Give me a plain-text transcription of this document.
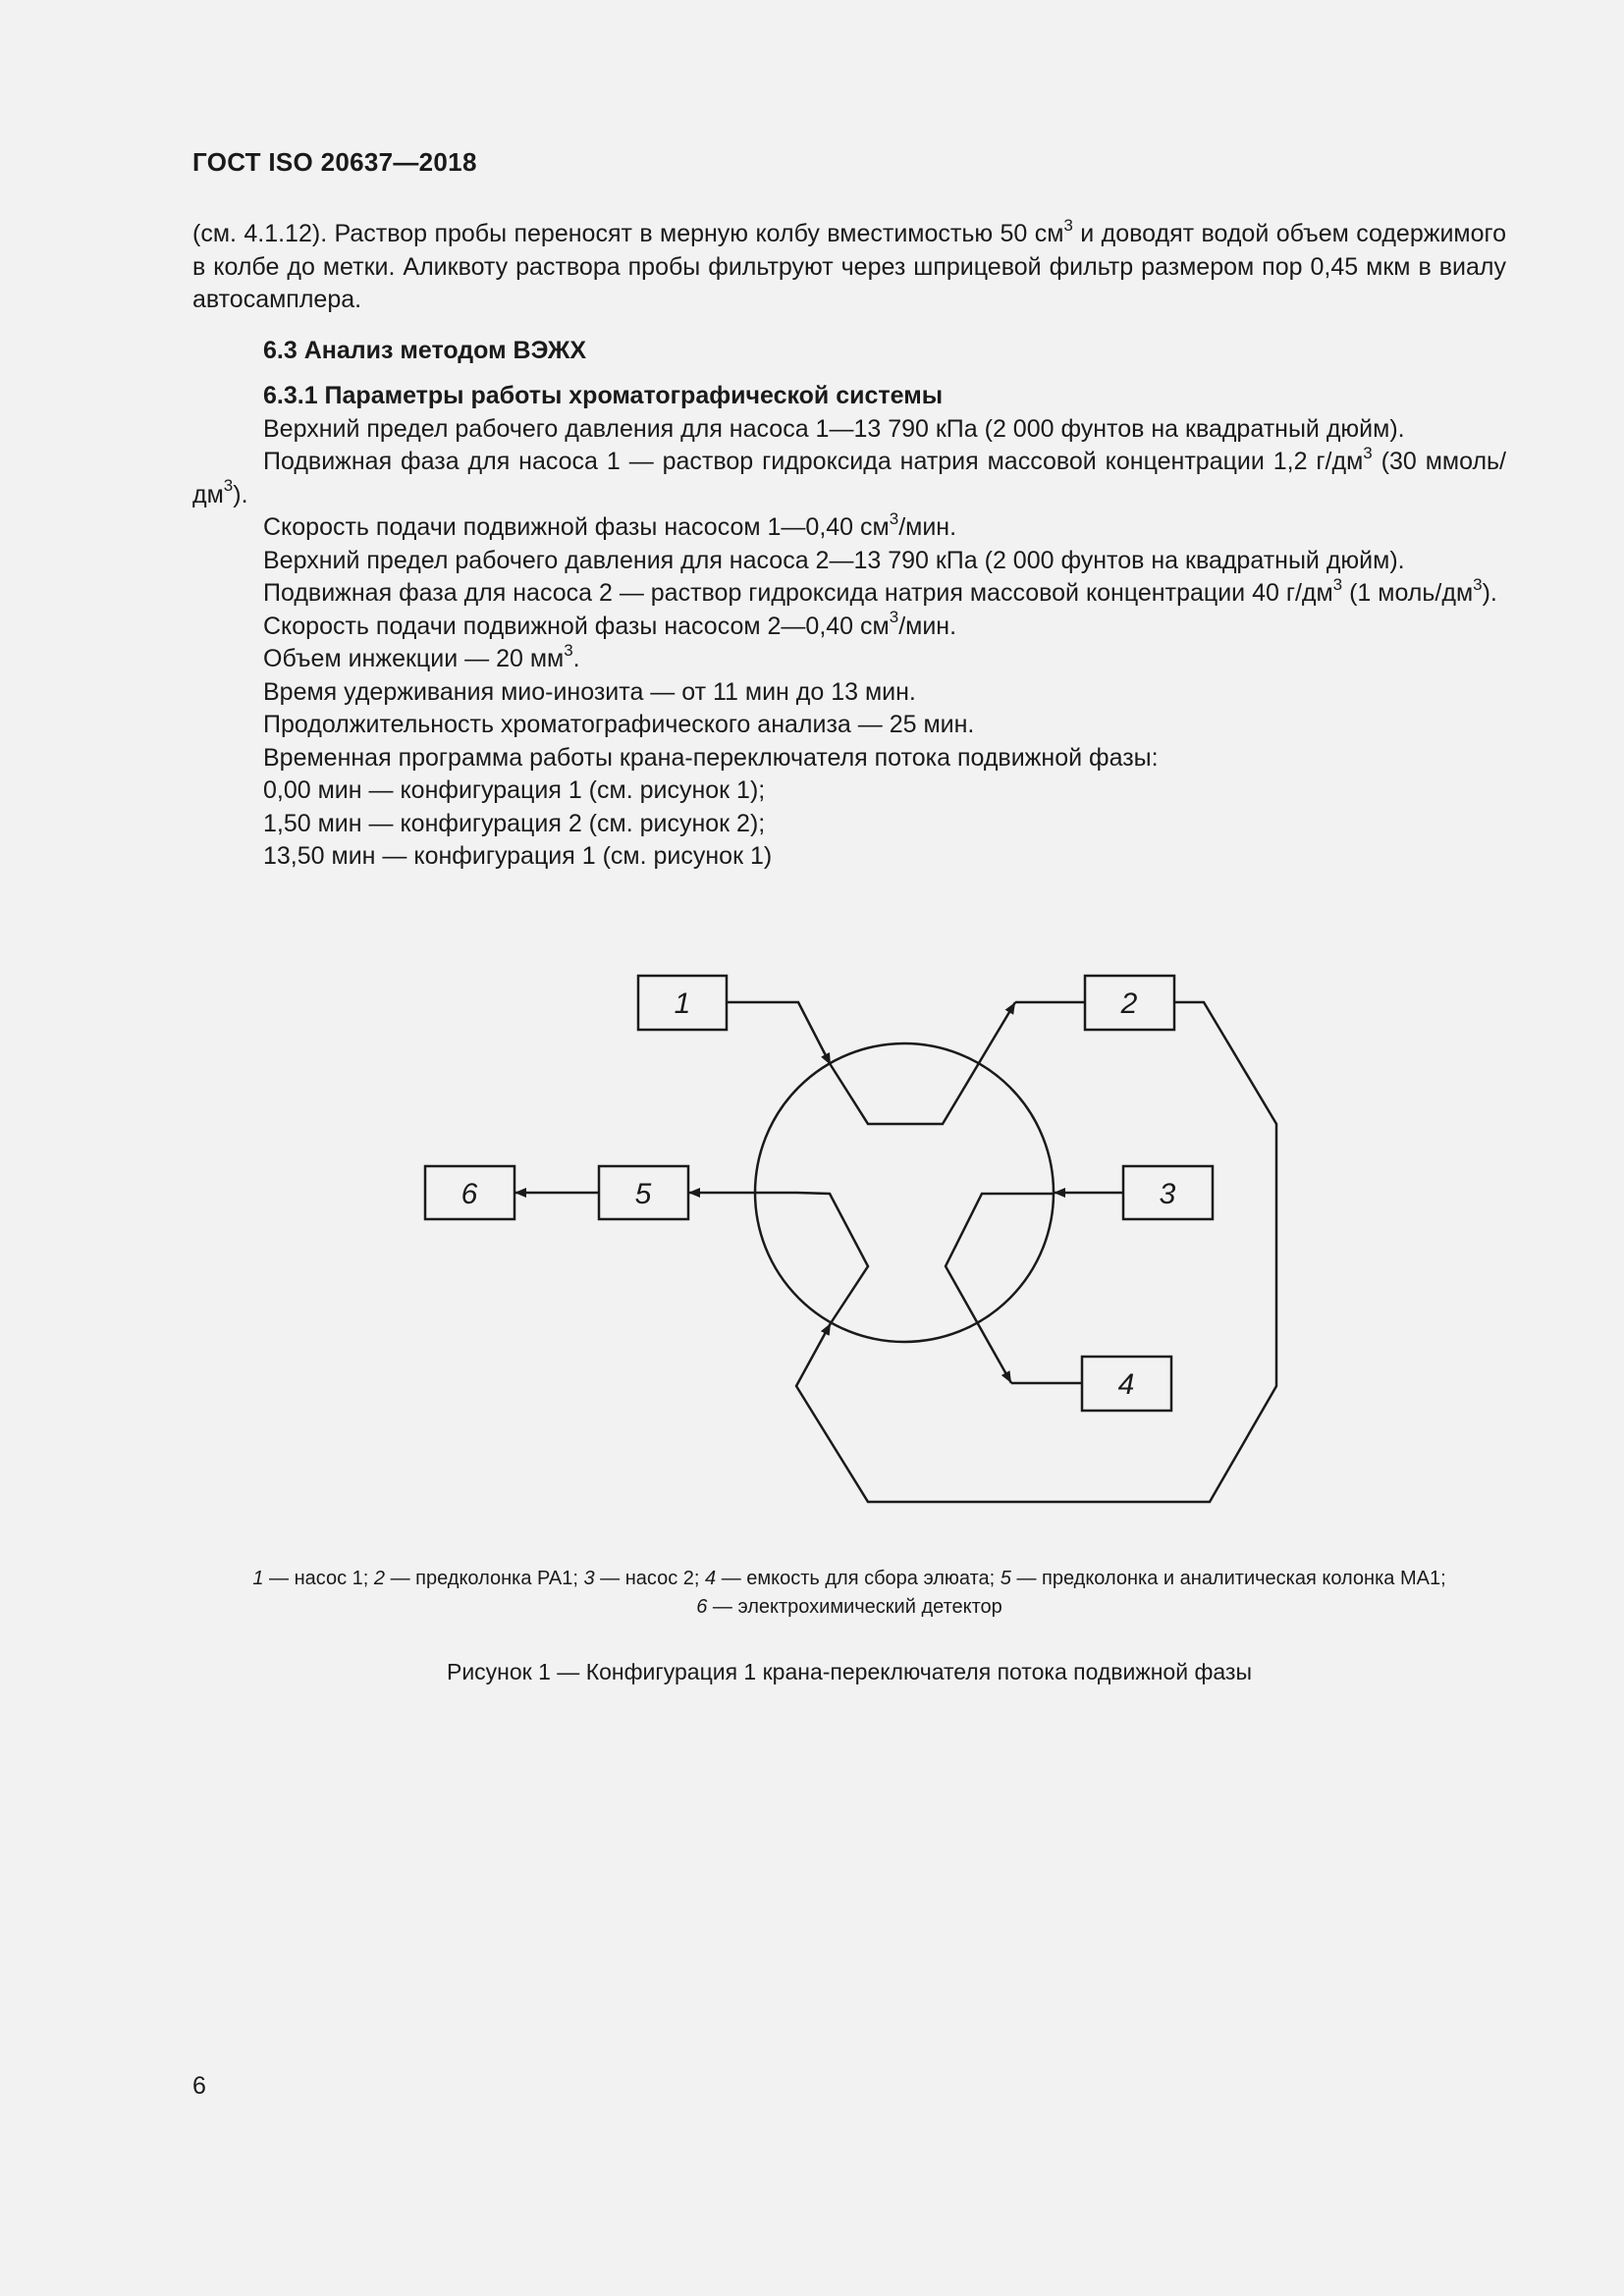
ГОСТ ISO 20637—2018

(см. 4.1.12). Раствор пробы переносят в мерную колбу вместимостью 50 $см^3$ и доводят водой объем содержимого в колбе до метки. Аликвоту раствора пробы фильтруют через шприцевой фильтр размером пор 0,45 мкм в виалу автосамплера.

6.3 Анализ методом ВЭЖХ

6.3.1 Параметры работы хроматографической системы

Верхний предел рабочего давления для насоса 1—13 790 кПа (2 000 фунтов на квадратный дюйм).

Подвижная фаза для насоса 1 — раствор гидроксида натрия массовой концентрации 1,2 $г/дм^3$ (30 ммоль/$дм^3$).

Скорость подачи подвижной фазы насосом 1—0,40 $см^3$/мин.

Верхний предел рабочего давления для насоса 2—13 790 кПа (2 000 фунтов на квадратный дюйм).

Подвижная фаза для насоса 2 — раствор гидроксида натрия массовой концентрации 40 $г/дм^3$ (1 моль/$дм^3$).

Скорость подачи подвижной фазы насосом 2—0,40 $см^3$/мин.

Объем инжекции — 20 $мм^3$.

Время удерживания мио-инозита — от 11 мин до 13 мин.

Продолжительность хроматографического анализа — 25 мин.

Временная программа работы крана-переключателя потока подвижной фазы:

0,00 мин — конфигурация 1 (см. рисунок 1);

1,50 мин — конфигурация 2 (см. рисунок 2);

13,50 мин — конфигурация 1 (см. рисунок 1)

1	2
3
4
5
6
1 — насос 1; 2 — предколонка PA1; 3 — насос 2; 4 — емкость для сбора элюата; 5 — предколонка и аналитическая колонка MA1;
6 — электрохимический детектор
Рисунок 1 — Конфигурация 1 крана-переключателя потока подвижной фазы
6
